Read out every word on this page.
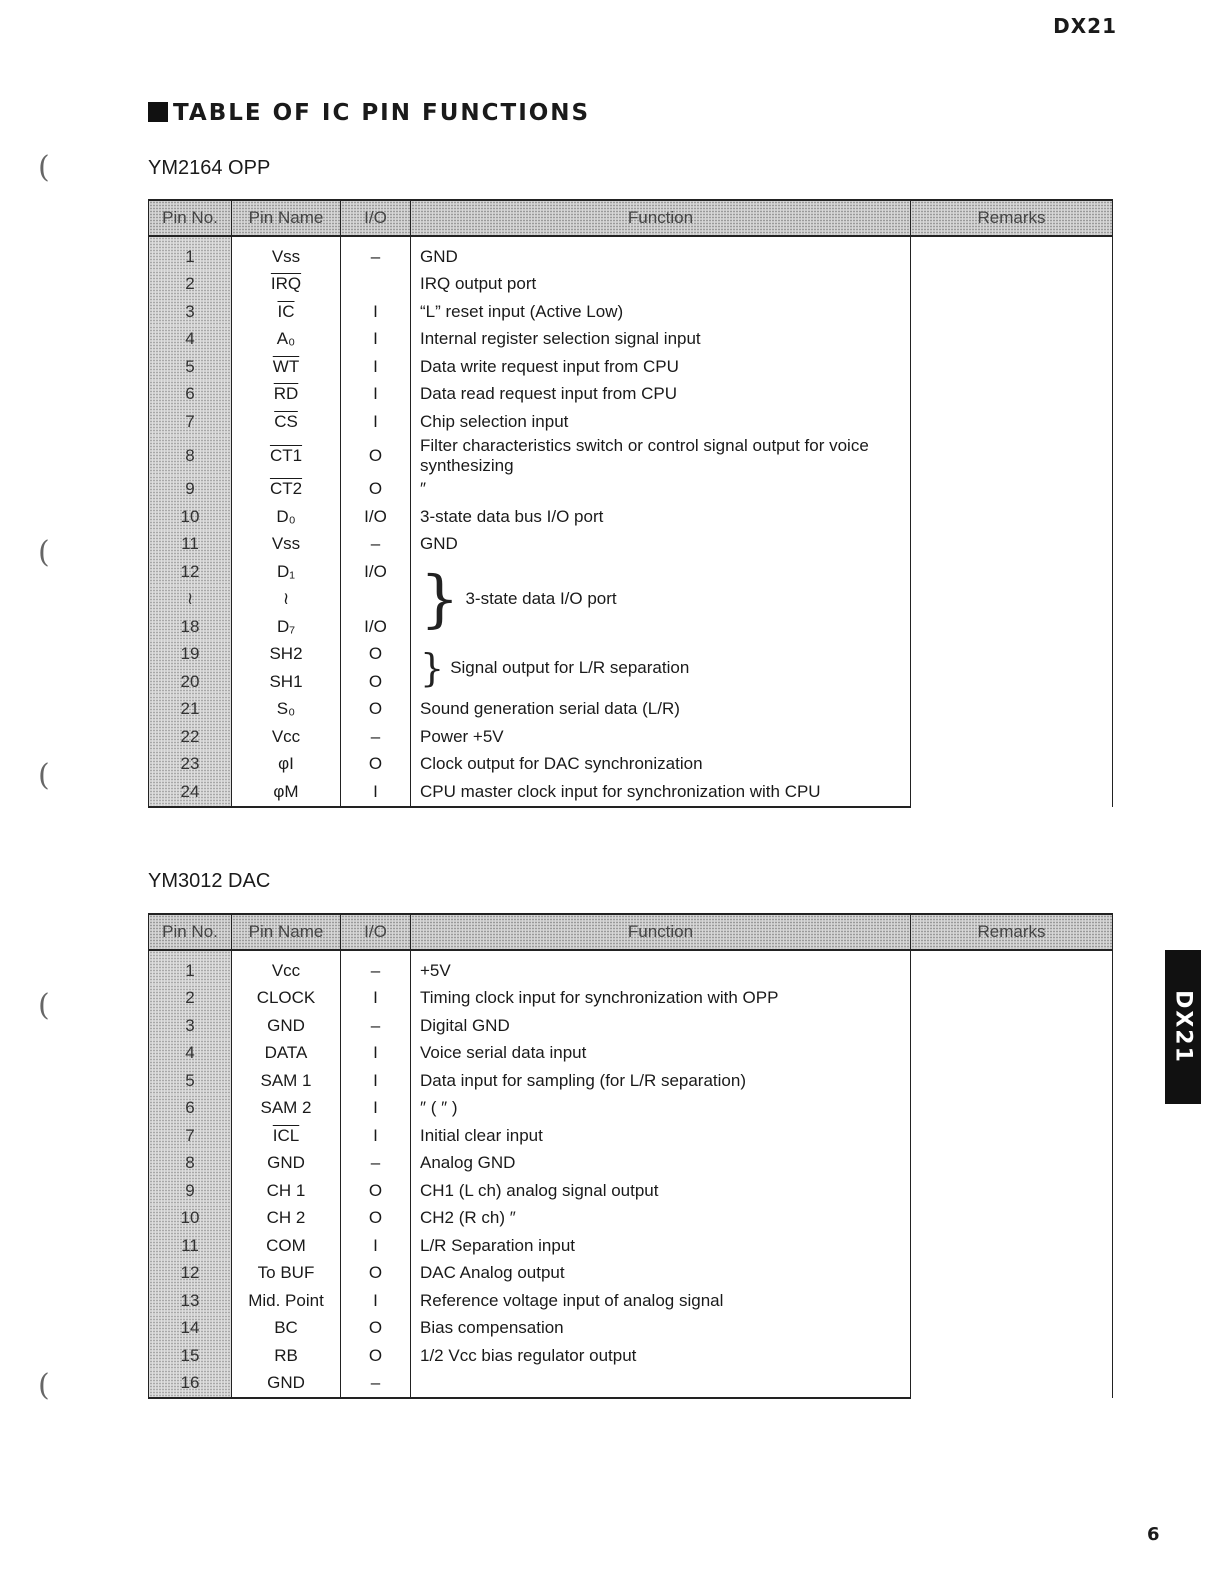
DX21
DX21
(
(
(
(
(
TABLE OF IC PIN FUNCTIONS
YM2164 OPP
Pin No.	Pin Name	I/O	Function	Remarks
1	Vss	–	GND	
2	$\overline{IRQ}$		IRQ output port	
3	$\overline{IC}$	I	“L” reset input (Active Low)	
4	A₀	I	Internal register selection signal input	
5	$\overline{WT}$	I	Data write request input from CPU	
6	$\overline{RD}$	I	Data read request input from CPU	
7	$\overline{CS}$	I	Chip selection input	
8	CT1	O	Filter characteristics switch or control signal output for voice synthesizing	
9	CT2	O	″	
10	D₀	I/O	3-state data bus I/O port	
11	Vss	–	GND	
12	D₁	I/O	} 3-state data I/O port	

≀	≀			
18	D₇	I/O		
19	SH2	O	} Signal output for L/R separation	

20	SH1	O		
21	S₀	O	Sound generation serial data (L/R)	
22	Vcc	–	Power +5V	
23	φI	O	Clock output for DAC synchronization	
24	φM	I	CPU master clock input for synchronization with CPU	
YM3012 DAC
Pin No.	Pin Name	I/O	Function	Remarks
1	Vcc	–	+5V	
2	CLOCK	I	Timing clock input for synchronization with OPP	
3	GND	–	Digital GND	
4	DATA	I	Voice serial data input	
5	SAM 1	I	Data input for sampling (for L/R separation)	
6	SAM 2	I	″ ( ″ )	
7	$\overline{ICL}$	I	Initial clear input	
8	GND	–	Analog GND	
9	CH 1	O	CH1 (L ch) analog signal output	
10	CH 2	O	CH2 (R ch) ″	
11	COM	I	L/R Separation input	
12	To BUF	O	DAC Analog output	
13	Mid. Point	I	Reference voltage input of analog signal	
14	BC	O	Bias compensation	
15	RB	O	1/2 Vcc bias regulator output	
16	GND	–		
6
